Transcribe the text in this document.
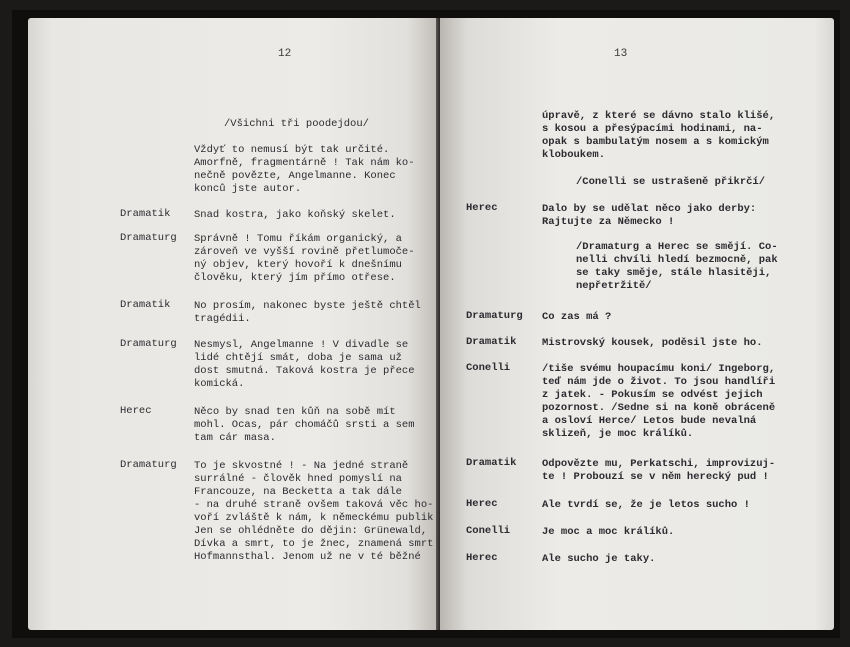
12
/Všichni tři poodejdou/
Vždyť to nemusí být tak určité.
Amorfně, fragmentárně ! Tak nám ko-
nečně povězte, Angelmanne. Konec
konců jste autor.
Dramatik Snad kostra, jako koňský skelet.
Dramaturg Správně ! Tomu říkám organický, a
zároveň ve vyšší rovině přetlumoče-
ný objev, který hovoří k dnešnímu
člověku, který jím přímo otřese.
Dramatik No prosím, nakonec byste ještě chtěl
tragédii.
Dramaturg Nesmysl, Angelmanne ! V divadle se
lidé chtějí smát, doba je sama už
dost smutná. Taková kostra je přece
komická.
Herec	Něco by snad ten kůň na sobě mít
mohl. Ocas, pár chomáčů srsti a sem
tam cár masa.
Dramaturg To je skvostné ! - Na jedné straně
surrálné - člověk hned pomyslí na
Francouze, na Becketta a tak dále
- na druhé straně ovšem taková věc ho-
voří zvláště k nám, k německému publik
Jen se ohlédněte do dějin: Grünewald,
Dívka a smrt, to je žnec, znamená smrt
Hofmannsthal. Jenom už ne v té běžné
13
úpravě, z které se dávno stalo klišé,
s kosou a přesýpacími hodinami, na-
opak s bambulatým nosem a s komickým
kloboukem.
/Conelli se ustrašeně přikrčí/
Herec	Dalo by se udělat něco jako derby:
Rajtujte za Německo !
/Dramaturg a Herec se smějí. Co-
nelli chvíli hledí bezmocně, pak
se taky směje, stále hlasitěji,
nepřetržitě/
Dramaturg Co zas má ?
Dramatik Mistrovský kousek, poděsil jste ho.
Conelli	/tiše svému houpacímu koni/ Ingeborg,
teď nám jde o život. To jsou handlíři
z jatek. - Pokusím se odvést jejich
pozornost. /Sedne si na koně obráceně
a osloví Herce/ Letos bude nevalná
sklizeň, je moc králíků.
Dramatik Odpovězte mu, Perkatschi, improvizuj-
te ! Probouzí se v něm herecký pud !
Herec	Ale tvrdí se, že je letos sucho !
Conelli	Je moc a moc králíků.
Herec	Ale sucho je taky.
